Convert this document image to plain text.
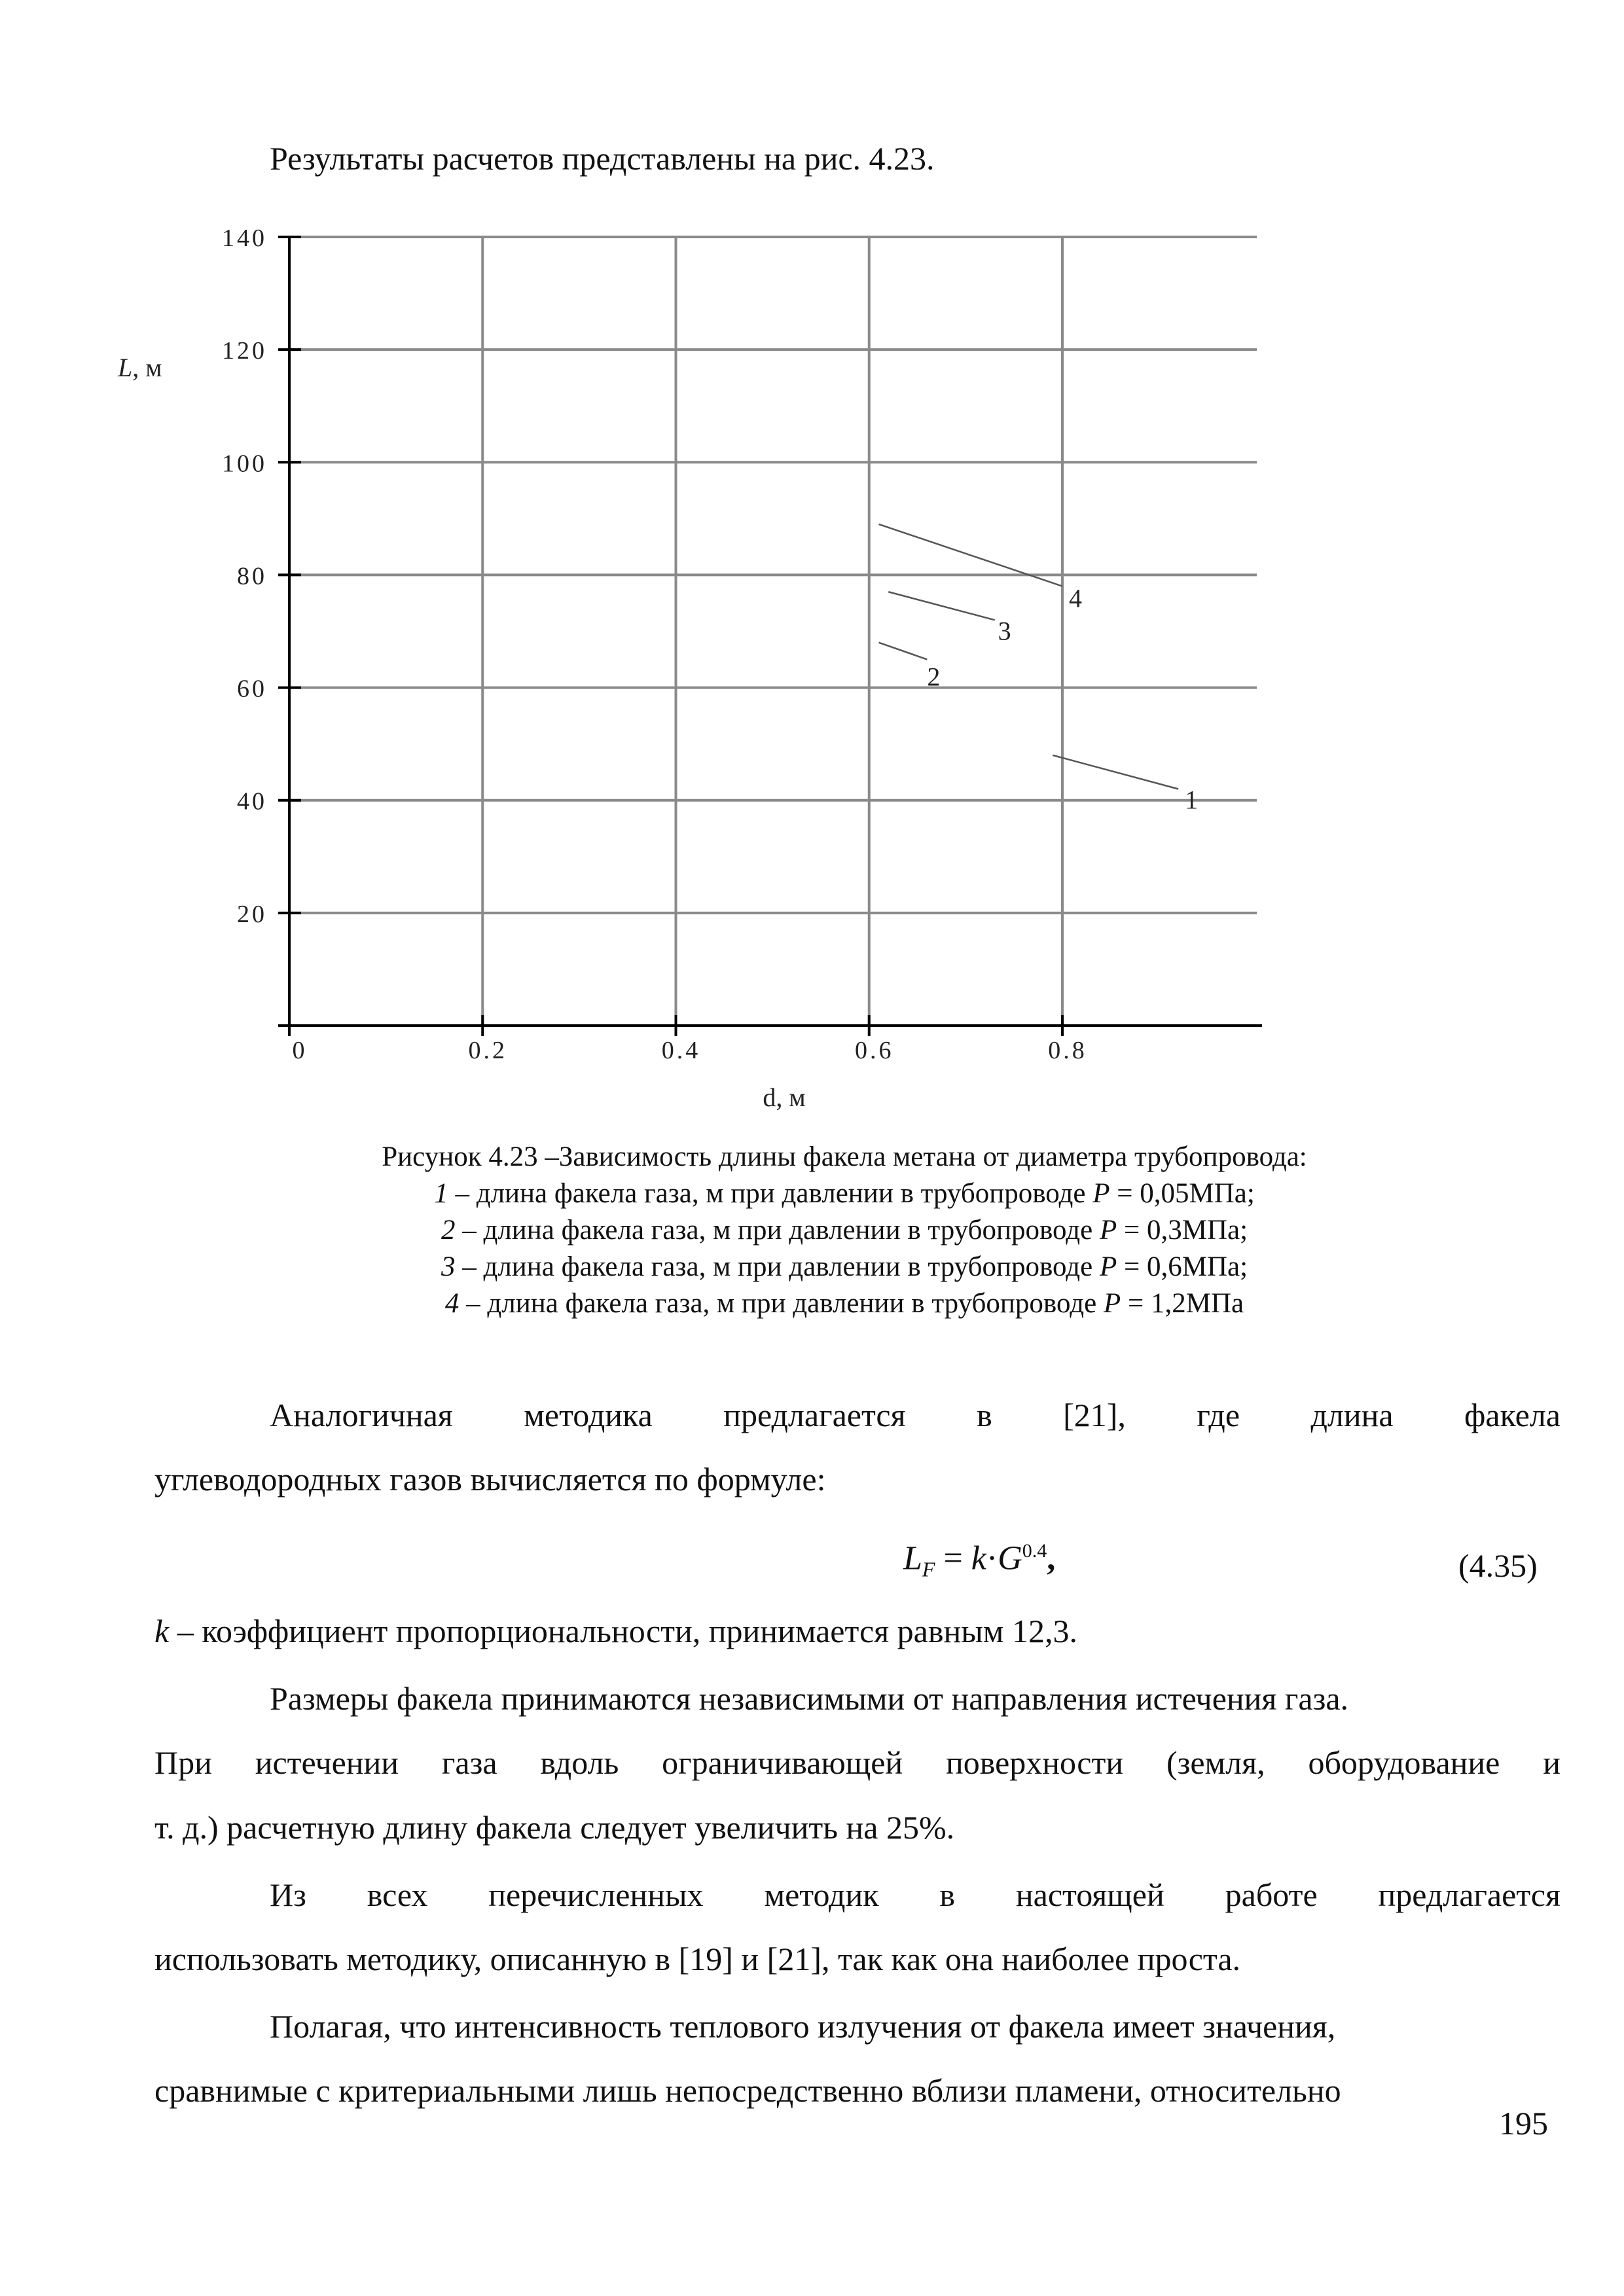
Результаты расчетов представлены на рис. 4.23.
20
40
60
80
100
120
140
0	0.2	0.4	0.6	0.8
1
2
3
4
L, м
d, м
Рисунок 4.23 –Зависимость длины факела метана от диаметра трубопровода:
1 – длина факела газа, м при давлении в трубопроводе P = 0,05МПа;
2 – длина факела газа, м при давлении в трубопроводе P = 0,3МПа;
3 – длина факела газа, м при давлении в трубопроводе P = 0,6МПа;
4 – длина факела газа, м при давлении в трубопроводе P = 1,2МПа
Аналогичная методика предлагается в [21], где длина факела
углеводородных газов вычисляется по формуле:
$L_F = k\cdot G^{0.4}$,	(4.35)
k – коэффициент пропорциональности, принимается равным 12,3.
Размеры факела принимаются независимыми от направления истечения газа.
При истечении газа вдоль ограничивающей поверхности (земля, оборудование и
т. д.) расчетную длину факела следует увеличить на 25%.
Из всех перечисленных методик в настоящей работе предлагается
использовать методику, описанную в [19] и [21], так как она наиболее проста.
Полагая, что интенсивность теплового излучения от факела имеет значения,
сравнимые с критериальными лишь непосредственно вблизи пламени, относительно
195
